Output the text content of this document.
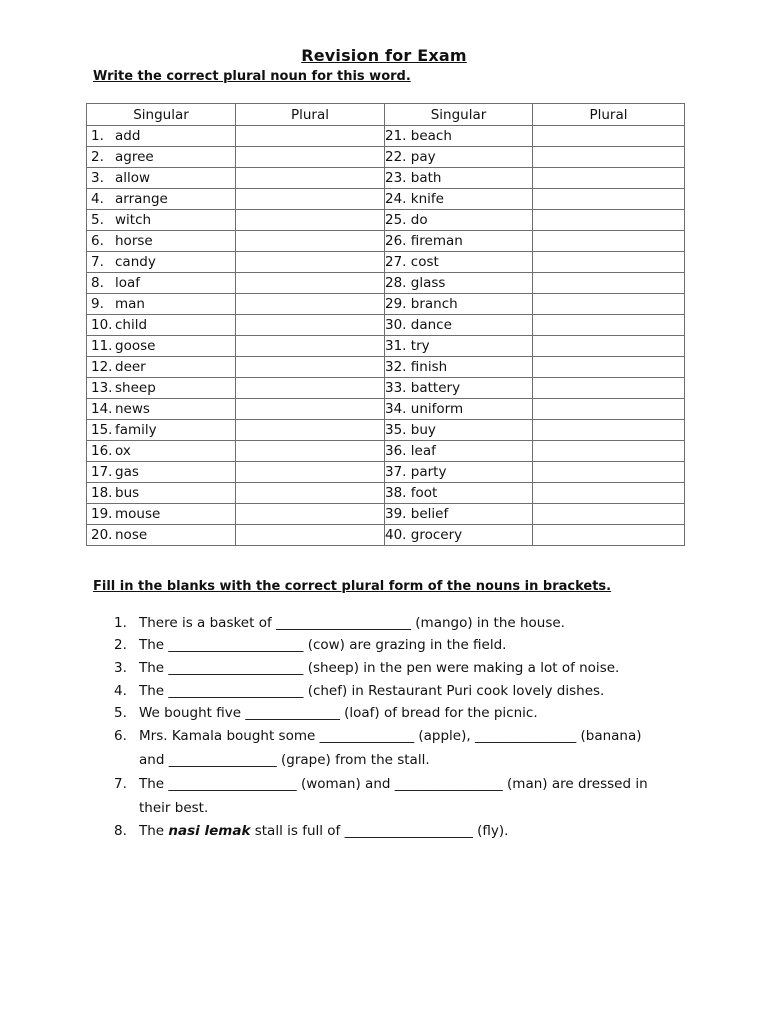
Revision for Exam
Write the correct plural noun for this word.
Singular	Plural	Singular	Plural
1. add		21. beach	
2. agree		22. pay	
3. allow		23. bath	
4. arrange		24. knife	
5. witch		25. do	
6. horse		26. fireman	
7. candy		27. cost	
8. loaf		28. glass	
9. man		29. branch	
10. child		30. dance	
11. goose		31. try	
12. deer		32. finish	
13. sheep		33. battery	
14. news		34. uniform	
15. family		35. buy	
16. ox		36. leaf	
17. gas		37. party	
18. bus		38. foot	
19. mouse		39. belief	
20. nose		40. grocery	
Fill in the blanks with the correct plural form of the nouns in brackets.
1. There is a basket of ____________________ (mango) in the house.
2. The ____________________ (cow) are grazing in the field.
3. The ____________________ (sheep) in the pen were making a lot of noise.
4. The ____________________ (chef) in Restaurant Puri cook lovely dishes.
5. We bought five ______________ (loaf) of bread for the picnic.
6. Mrs. Kamala bought some ______________ (apple), _______________ (banana) and ________________ (grape) from the stall.
7. The ___________________ (woman) and ________________ (man) are dressed in their best.
8. The nasi lemak stall is full of ___________________ (fly).
